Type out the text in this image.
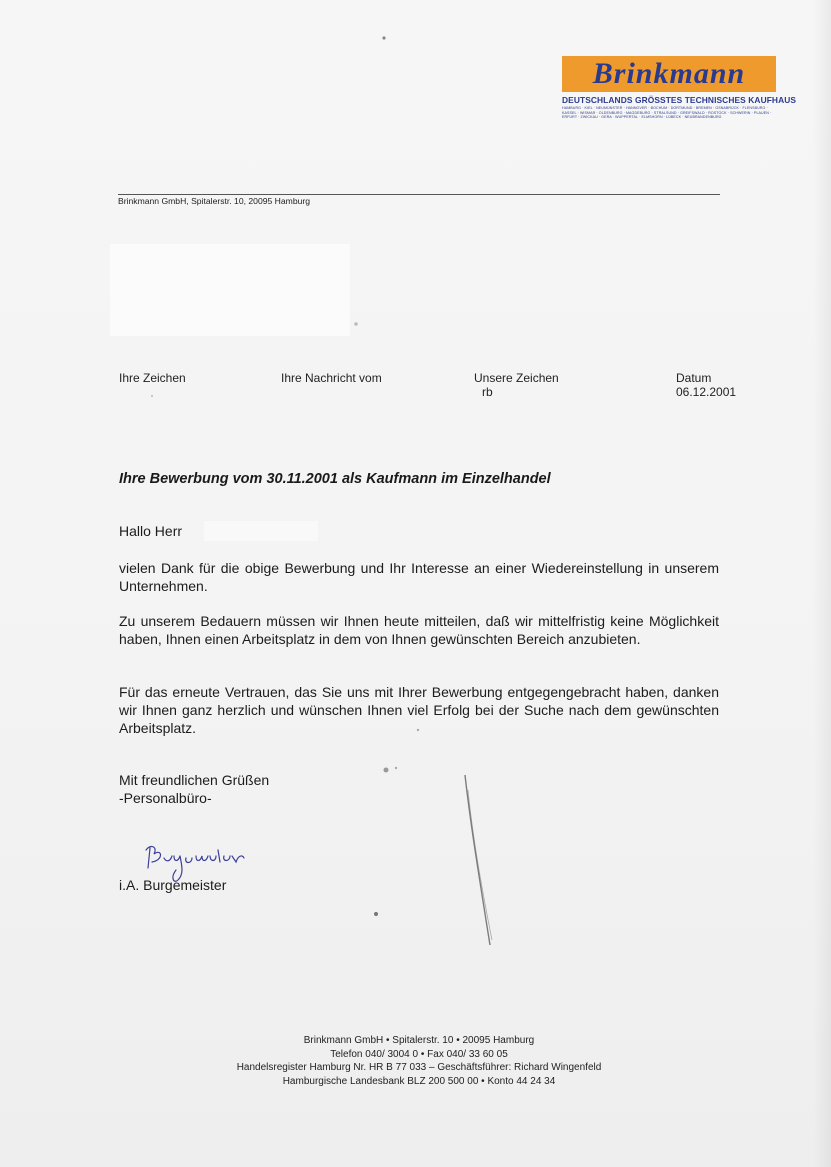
Brinkmann
DEUTSCHLANDS GRÖSSTES TECHNISCHES KAUFHAUS
HAMBURG · KIEL · NEUMÜNSTER · HANNOVER · BOCHUM · DORTMUND · BREMEN · OSNABRÜCK · FLENSBURG · KASSEL · WISMAR · OLDENBURG · MAGDEBURG · STRALSUND · GREIFSWALD · ROSTOCK · SCHWERIN · PLAUEN · ERFURT · ZWICKAU · GERA · WUPPERTAL · ELMSHORN · LÜBECK · NEUBRANDENBURG
Brinkmann GmbH, Spitalerstr. 10, 20095 Hamburg
Ihre Zeichen	Ihre Nachricht vom	Unsere Zeichen
rb
Datum
06.12.2001
Ihre Bewerbung vom 30.11.2001 als Kaufmann im Einzelhandel
Hallo Herr
vielen Dank für die obige Bewerbung und Ihr Interesse an einer Wiedereinstellung in unserem Unternehmen.
Zu unserem Bedauern müssen wir Ihnen heute mitteilen, daß wir mittelfristig keine Möglichkeit haben, Ihnen einen Arbeitsplatz in dem von Ihnen gewünschten Bereich anzubieten.
Für das erneute Vertrauen, das Sie uns mit Ihrer Bewerbung entgegengebracht haben, danken wir Ihnen ganz herzlich und wünschen Ihnen viel Erfolg bei der Suche nach dem gewünschten Arbeitsplatz.
Mit freundlichen Grüßen
-Personalbüro-
i.A. Burgemeister
Brinkmann GmbH • Spitalerstr. 10 • 20095 Hamburg
Telefon 040/ 3004 0 • Fax 040/ 33 60 05
Handelsregister Hamburg Nr. HR B 77 033 – Geschäftsführer: Richard Wingenfeld
Hamburgische Landesbank BLZ 200 500 00 • Konto 44 24 34
